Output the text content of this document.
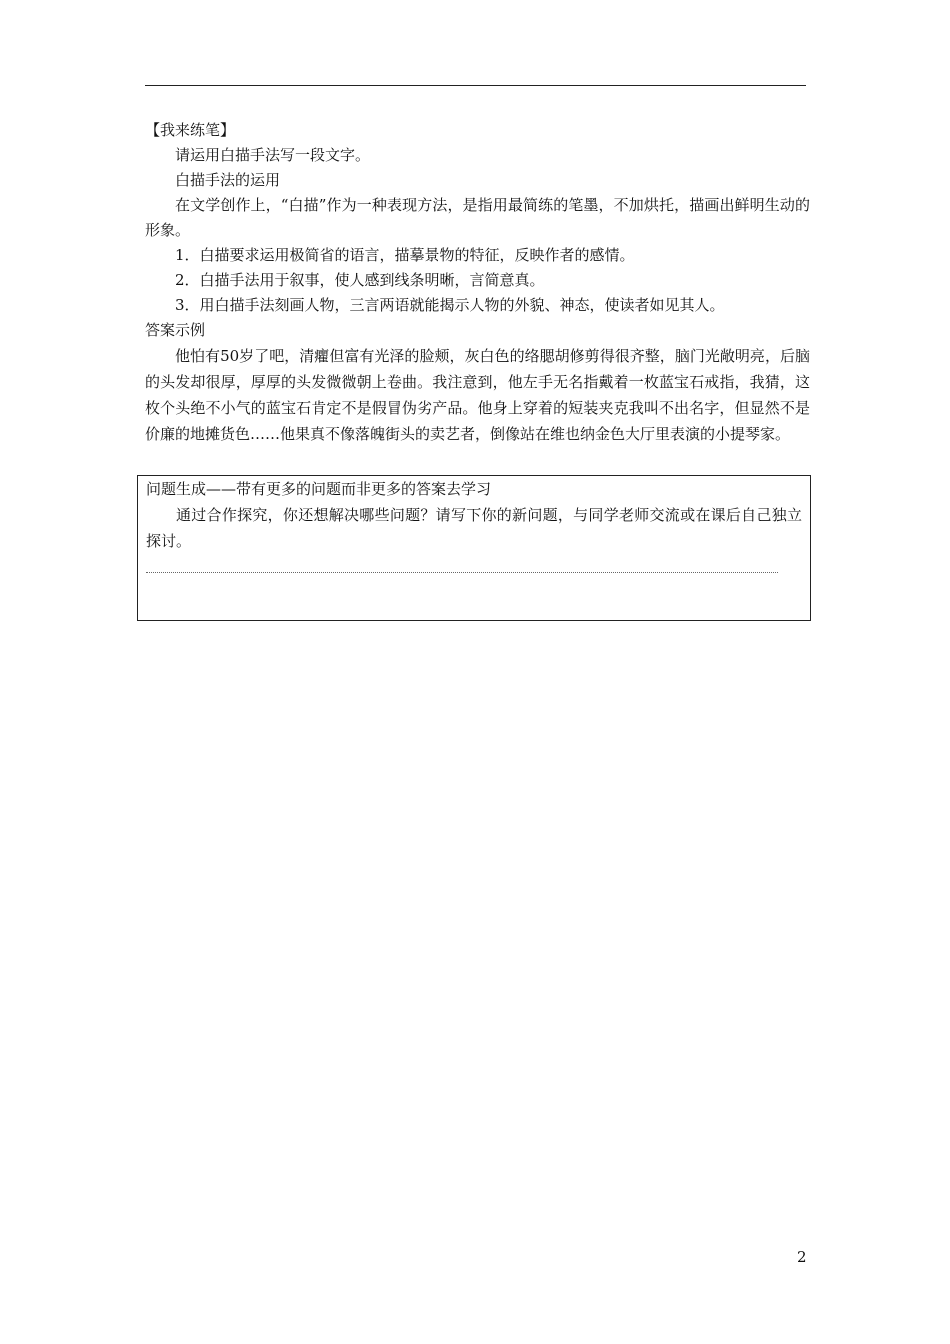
【我来练笔】

请运用白描手法写一段文字。

白描手法的运用

在文学创作上，“白描”作为一种表现方法，是指用最简练的笔墨，不加烘托，描画出鲜明生动的形象。

1．白描要求运用极简省的语言，描摹景物的特征，反映作者的感情。

2．白描手法用于叙事，使人感到线条明晰，言简意真。

3．用白描手法刻画人物，三言两语就能揭示人物的外貌、神态，使读者如见其人。

答案示例

他怕有50岁了吧，清癯但富有光泽的脸颊，灰白色的络腮胡修剪得很齐整，脑门光敞明亮，后脑的头发却很厚，厚厚的头发微微朝上卷曲。我注意到，他左手无名指戴着一枚蓝宝石戒指，我猜，这枚个头绝不小气的蓝宝石肯定不是假冒伪劣产品。他身上穿着的短装夹克我叫不出名字，但显然不是价廉的地摊货色……他果真不像落魄街头的卖艺者，倒像站在维也纳金色大厅里表演的小提琴家。

问题生成——带有更多的问题而非更多的答案去学习

通过合作探究，你还想解决哪些问题？请写下你的新问题，与同学老师交流或在课后自己独立探讨。

2
